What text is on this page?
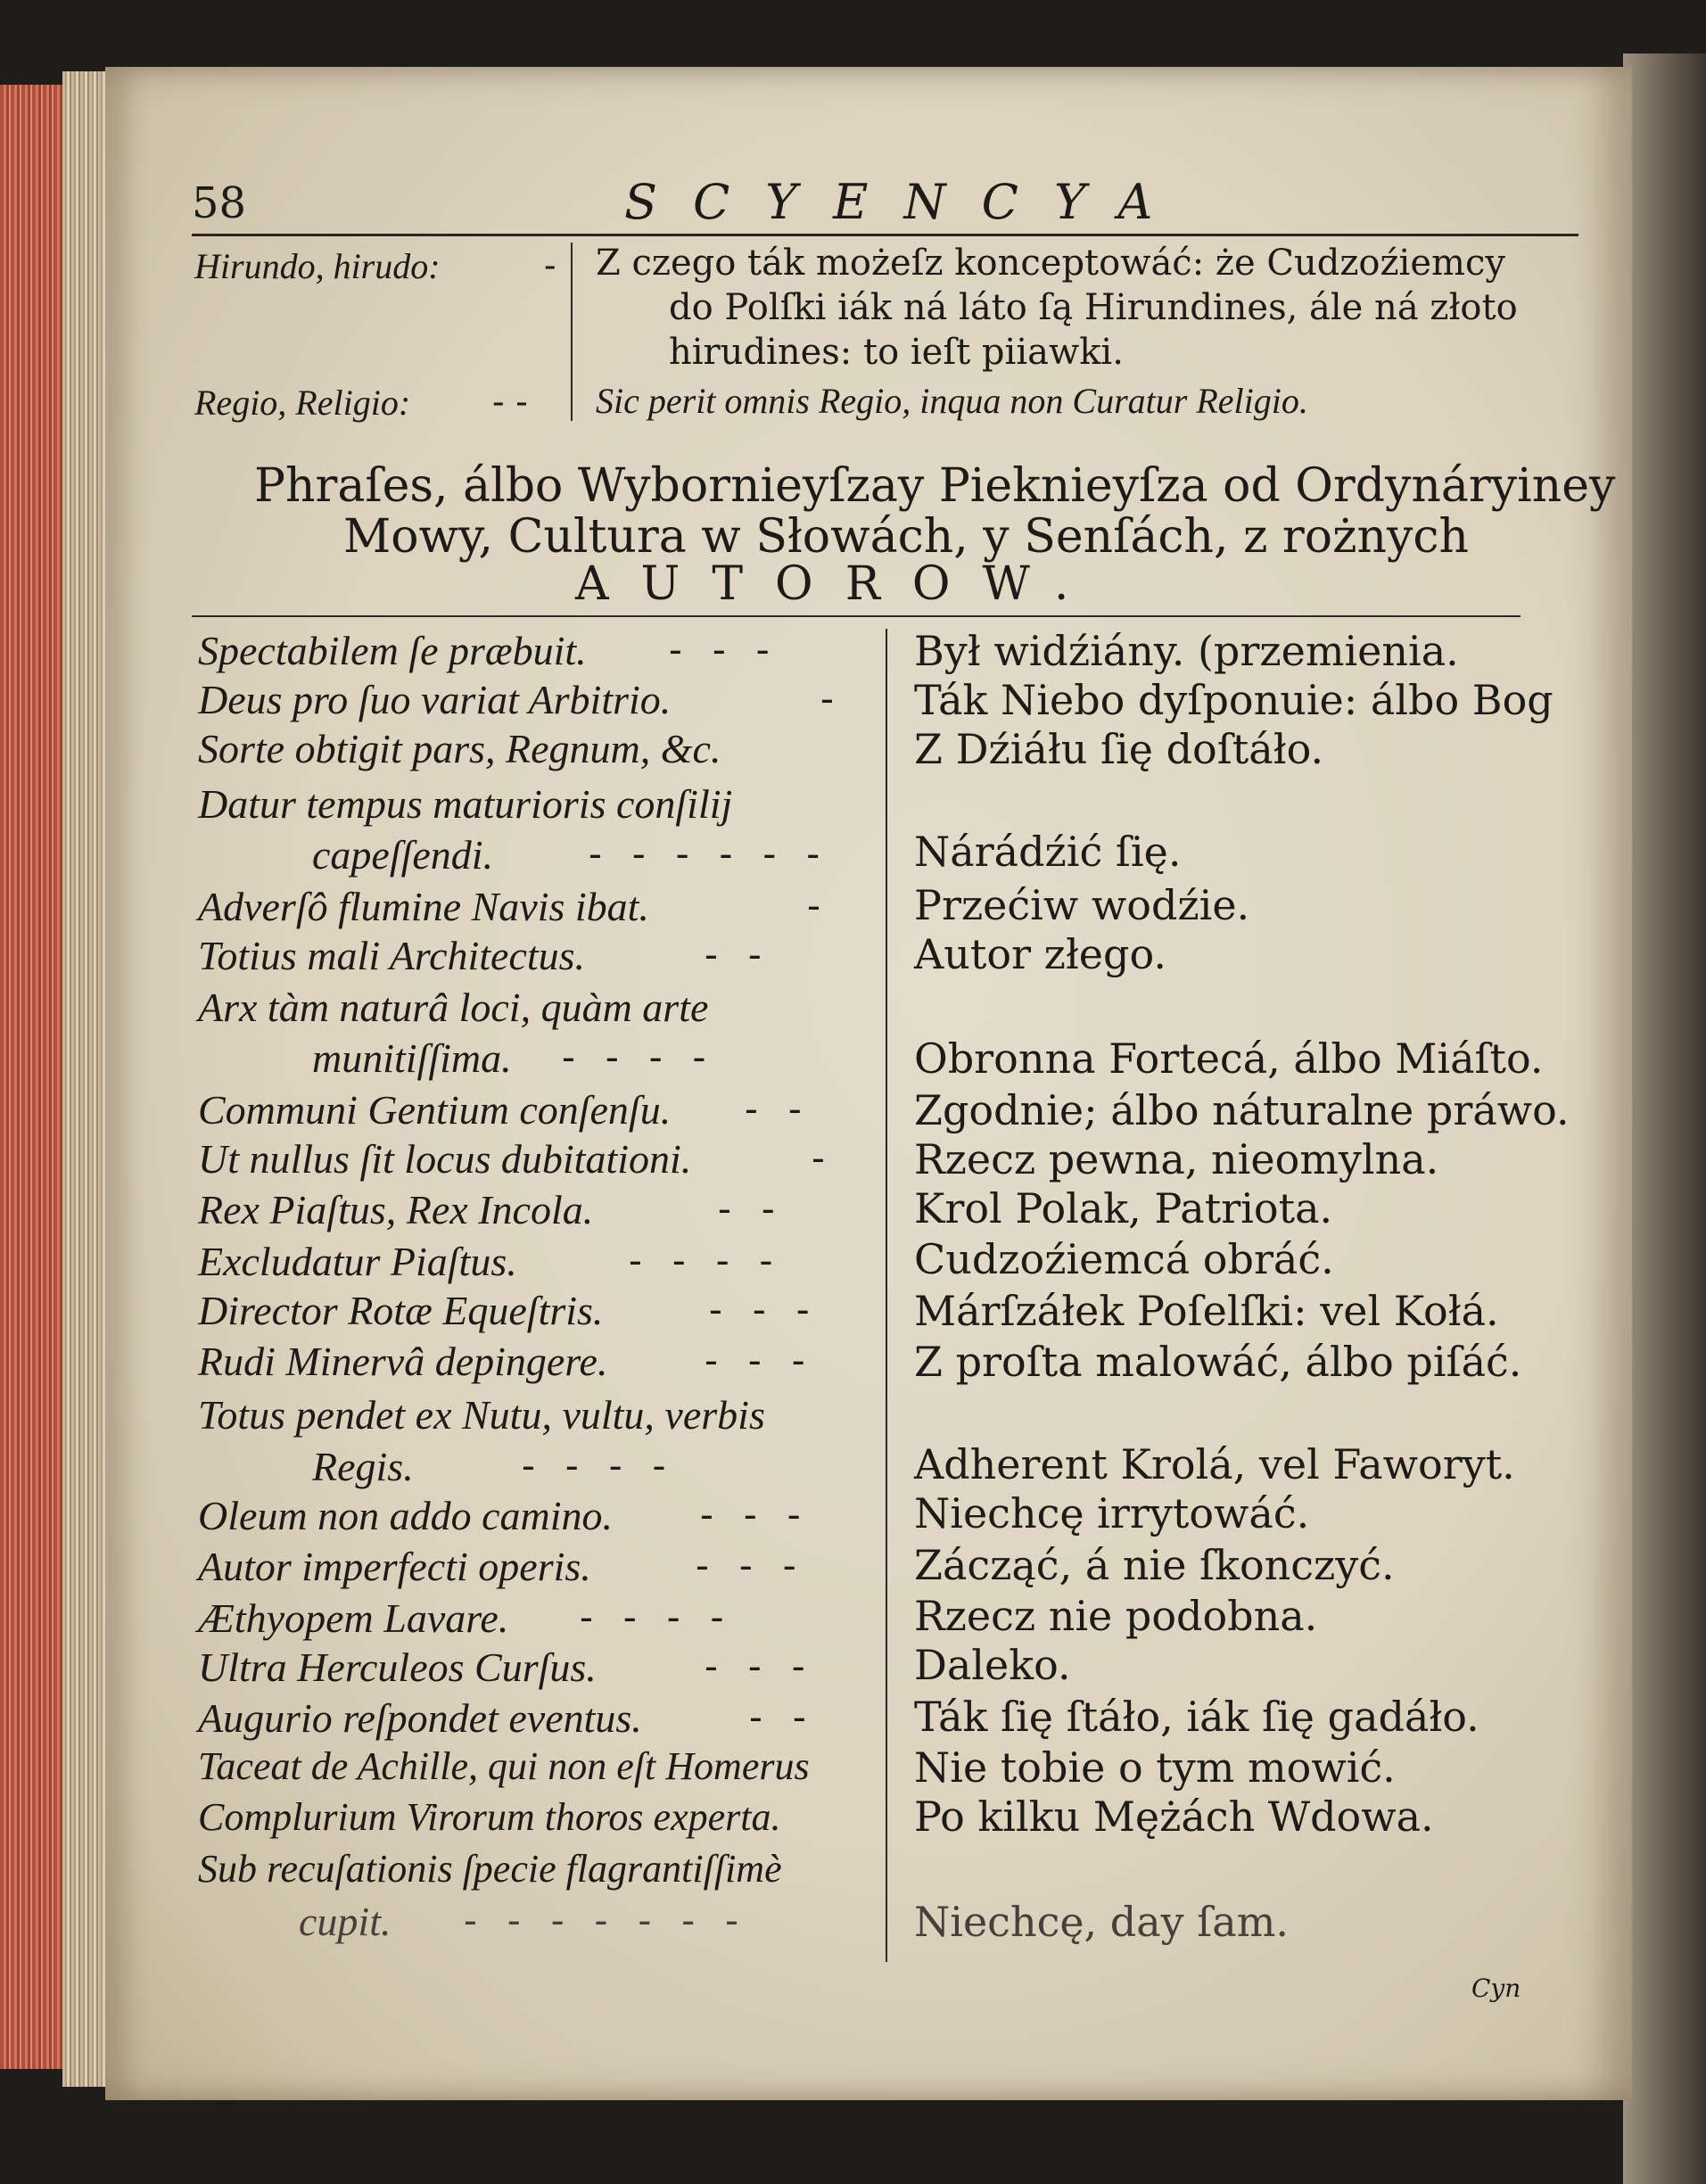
58	SCYENCYA
Hirundo, hirudo:	-
Regio, Religio: - -
Z czego ták możeſz konceptowáć: że Cudzoźiemcy
do Polſki iák ná láto ſą Hirundines, ále ná złoto
hirudines: to ieſt piiawki.
Sic perit omnis Regio, inqua non Curatur Religio.
Phraſes, álbo Wybornieyſzay Pieknieyſza od Ordynáryiney
Mowy, Cultura w Słowách, y Senſách, z rożnych
AUTOROW.
Spectabilem ſe præbuit. - - -	Był widźiány. (przemienia.
Deus pro ſuo variat Arbitrio.	- Ták Niebo dyſponuie: álbo Bog
Sorte obtigit pars, Regnum, &c.	Z Dźiáłu ſię doſtáło.
Datur tempus maturioris conſilij
capeſſendi. - - - - - - Nárádźić ſię.
Adverſô flumine Navis ibat.	- Przećiw wodźie.
Totius mali Architectus.	- -	Autor złego.
Arx tàm naturâ loci, quàm arte
munitiſſima. - - - -	Obronna Fortecá, álbo Miáſto.
Communi Gentium conſenſu. - -	Zgodnie; álbo náturalne práwo.
Ut nullus ſit locus dubitationi.	- Rzecz pewna, nieomylna.
Rex Piaſtus, Rex Incola.	- -	Krol Polak, Patriota.
Excludatur Piaſtus.	- - - -	Cudzoźiemcá obráć.
Director Rotæ Equeſtris.	- - - Márſzáłek Poſelſki: vel Kołá.
Rudi Minervâ depingere. - - - Z proſta malowáć, álbo piſáć.
Totus pendet ex Nutu, vultu, verbis
Regis.	- - - -	Adherent Krolá, vel Faworyt.
Oleum non addo camino. - - -	Niechcę irrytowáć.
Autor imperfecti operis.	- - -	Zácząć, á nie ſkonczyć.
Æthyopem Lavare. - - - -	Rzecz nie podobna.
Ultra Herculeos Curſus.	- - - Daleko.
Augurio reſpondet eventus.	- - Ták ſię ſtáło, iák ſię gadáło.
Taceat de Achille, qui non eſt Homerus	Nie tobie o tym mowić.
Complurium Virorum thoros experta.	Po kilku Mężách Wdowa.
Sub recuſationis ſpecie flagrantiſſimè
cupit. - - - - - - -	Niechcę, day ſam.
Cyn
